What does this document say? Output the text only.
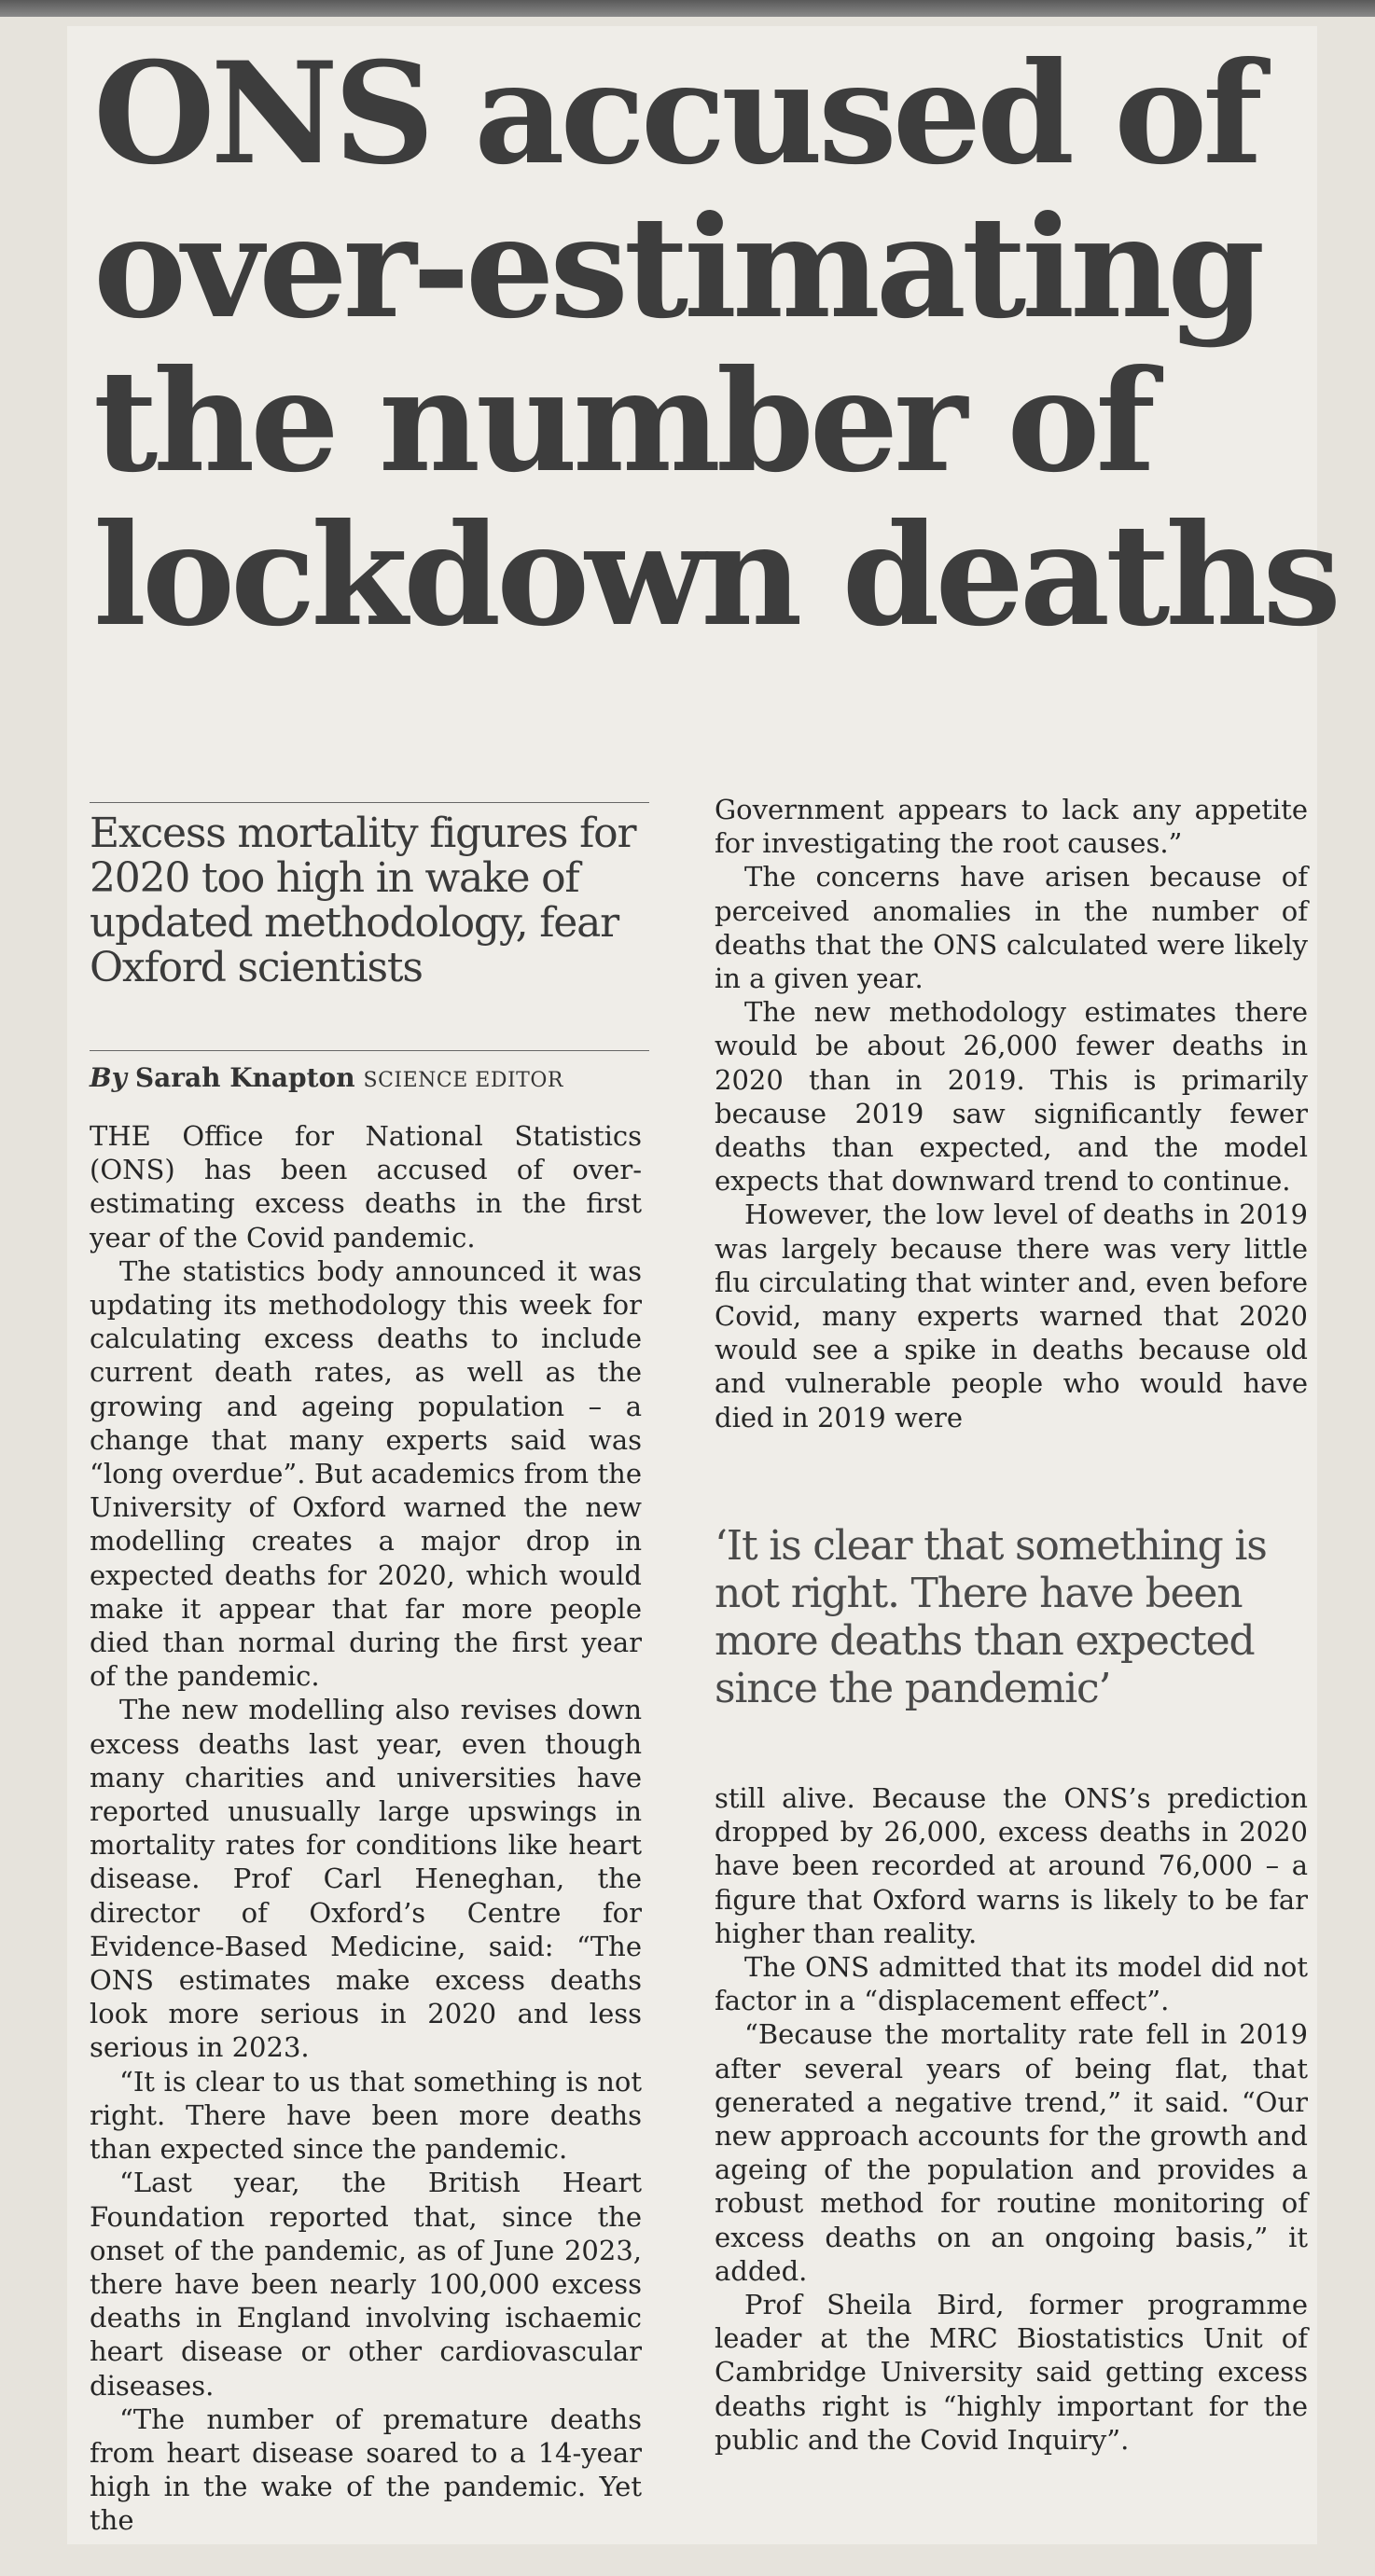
ONS accused of
over-estimating
the number of
lockdown deaths
Excess mortality figures for 2020 too high in wake of updated methodology, fear Oxford scientists
By Sarah Knapton SCIENCE EDITOR

THE Office for National Statistics (ONS) has been accused of over-estimating excess deaths in the first year of the Covid pandemic.

The statistics body announced it was updating its methodology this week for calculating excess deaths to include current death rates, as well as the growing and ageing population – a change that many experts said was “long overdue”. But academics from the University of Oxford warned the new modelling creates a major drop in expected deaths for 2020, which would make it appear that far more people died than normal during the first year of the pandemic.

The new modelling also revises down excess deaths last year, even though many charities and universities have reported unusually large upswings in mortality rates for conditions like heart disease. Prof Carl Heneghan, the director of Oxford’s Centre for Evidence-Based Medicine, said: “The ONS estimates make excess deaths look more serious in 2020 and less serious in 2023.

“It is clear to us that something is not right. There have been more deaths than expected since the pandemic.

“Last year, the British Heart Foundation reported that, since the onset of the pandemic, as of June 2023, there have been nearly 100,000 excess deaths in England involving ischaemic heart disease or other cardiovascular diseases.

“The number of premature deaths from heart disease soared to a 14-year high in the wake of the pandemic. Yet the

Government appears to lack any appetite for investigating the root causes.”

The concerns have arisen because of perceived anomalies in the number of deaths that the ONS calculated were likely in a given year.

The new methodology estimates there would be about 26,000 fewer deaths in 2020 than in 2019. This is primarily because 2019 saw significantly fewer deaths than expected, and the model expects that downward trend to continue.

However, the low level of deaths in 2019 was largely because there was very little flu circulating that winter and, even before Covid, many experts warned that 2020 would see a spike in deaths because old and vulnerable people who would have died in 2019 were

‘It is clear that something is not right. There have been more deaths than expected since the pandemic’

still alive. Because the ONS’s prediction dropped by 26,000, excess deaths in 2020 have been recorded at around 76,000 – a figure that Oxford warns is likely to be far higher than reality.

The ONS admitted that its model did not factor in a “displacement effect”.

“Because the mortality rate fell in 2019 after several years of being flat, that generated a negative trend,” it said. “Our new approach accounts for the growth and ageing of the population and provides a robust method for routine monitoring of excess deaths on an ongoing basis,” it added.

Prof Sheila Bird, former programme leader at the MRC Biostatistics Unit of Cambridge University said getting excess deaths right is “highly important for the public and the Covid Inquiry”.
